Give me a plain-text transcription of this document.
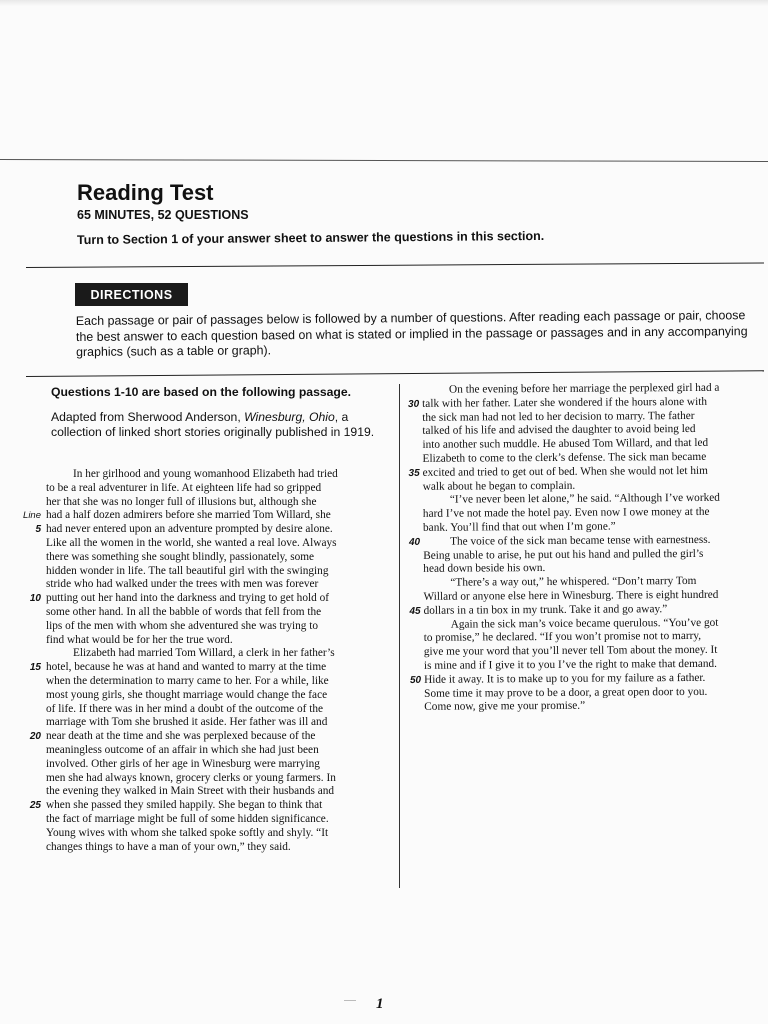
Reading Test
65 MINUTES, 52 QUESTIONS
Turn to Section 1 of your answer sheet to answer the questions in this section.
DIRECTIONS
Each passage or pair of passages below is followed by a number of questions. After reading each passage or pair, choose the best answer to each question based on what is stated or implied in the passage or passages and in any accompanying graphics (such as a table or graph).
Questions 1-10 are based on the following passage.
Adapted from Sherwood Anderson, Winesburg, Ohio, a collection of linked short stories originally published in 1919.
In her girlhood and young womanhood Elizabeth had tried
to be a real adventurer in life. At eighteen life had so gripped
her that she was no longer full of illusions but, although she
Line had a half dozen admirers before she married Tom Willard, she
5 had never entered upon an adventure prompted by desire alone.
Like all the women in the world, she wanted a real love. Always
there was something she sought blindly, passionately, some
hidden wonder in life. The tall beautiful girl with the swinging
stride who had walked under the trees with men was forever
10 putting out her hand into the darkness and trying to get hold of
some other hand. In all the babble of words that fell from the
lips of the men with whom she adventured she was trying to
find what would be for her the true word.
Elizabeth had married Tom Willard, a clerk in her father’s
15 hotel, because he was at hand and wanted to marry at the time
when the determination to marry came to her. For a while, like
most young girls, she thought marriage would change the face
of life. If there was in her mind a doubt of the outcome of the
marriage with Tom she brushed it aside. Her father was ill and
20 near death at the time and she was perplexed because of the
meaningless outcome of an affair in which she had just been
involved. Other girls of her age in Winesburg were marrying
men she had always known, grocery clerks or young farmers. In
the evening they walked in Main Street with their husbands and
25 when she passed they smiled happily. She began to think that
the fact of marriage might be full of some hidden significance.
Young wives with whom she talked spoke softly and shyly. “It
changes things to have a man of your own,” they said.
On the evening before her marriage the perplexed girl had a
30 talk with her father. Later she wondered if the hours alone with
the sick man had not led to her decision to marry. The father
talked of his life and advised the daughter to avoid being led
into another such muddle. He abused Tom Willard, and that led
Elizabeth to come to the clerk’s defense. The sick man became
35 excited and tried to get out of bed. When she would not let him
walk about he began to complain.
“I’ve never been let alone,” he said. “Although I’ve worked
hard I’ve not made the hotel pay. Even now I owe money at the
bank. You’ll find that out when I’m gone.”
40	The voice of the sick man became tense with earnestness.
Being unable to arise, he put out his hand and pulled the girl’s
head down beside his own.
“There’s a way out,” he whispered. “Don’t marry Tom
Willard or anyone else here in Winesburg. There is eight hundred
45 dollars in a tin box in my trunk. Take it and go away.”
Again the sick man’s voice became querulous. “You’ve got
to promise,” he declared. “If you won’t promise not to marry,
give me your word that you’ll never tell Tom about the money. It
is mine and if I give it to you I’ve the right to make that demand.
50 Hide it away. It is to make up to you for my failure as a father.
Some time it may prove to be a door, a great open door to you.
Come now, give me your promise.”
1
